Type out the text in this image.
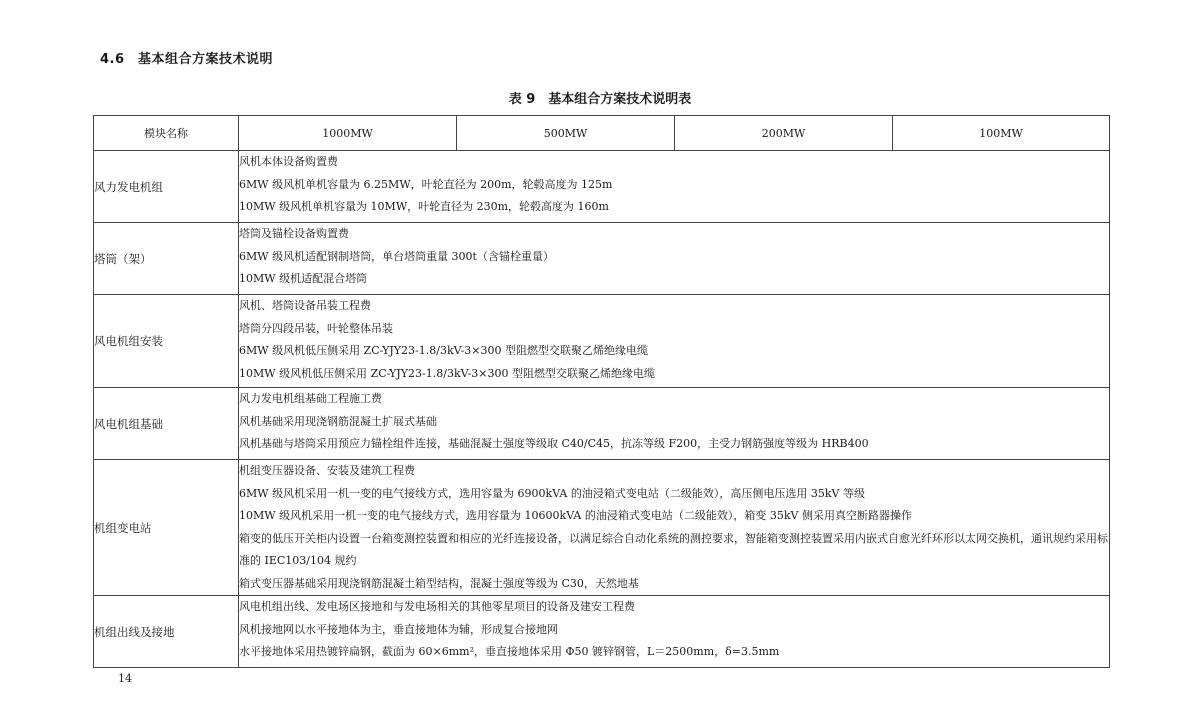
4.6　基本组合方案技术说明
表 9　基本组合方案技术说明表
模块名称	1000MW	500MW	200MW	100MW
风力发电机组	风机本体设备购置费
6MW 级风机单机容量为 6.25MW，叶轮直径为 200m，轮毂高度为 125m
10MW 级风机单机容量为 10MW，叶轮直径为 230m，轮毂高度为 160m			

塔筒（架）	塔筒及锚栓设备购置费
6MW 级风机适配钢制塔筒，单台塔筒重量 300t（含锚栓重量）
10MW 级机适配混合塔筒			

风电机组安装	风机、塔筒设备吊装工程费
塔筒分四段吊装，叶轮整体吊装
6MW 级风机低压侧采用 ZC-YJY23-1.8/3kV-3×300 型阻燃型交联聚乙烯绝缘电缆
10MW 级风机低压侧采用 ZC-YJY23-1.8/3kV-3×300 型阻燃型交联聚乙烯绝缘电缆			

风电机组基础	风力发电机组基础工程施工费
风机基础采用现浇钢筋混凝土扩展式基础
风机基础与塔筒采用预应力锚栓组件连接，基础混凝土强度等级取 C40/C45，抗冻等级 F200，主受力钢筋强度等级为 HRB400			

机组变电站	机组变压器设备、安装及建筑工程费
6MW 级风机采用一机一变的电气接线方式，选用容量为 6900kVA 的油浸箱式变电站（二级能效），高压侧电压选用 35kV 等级
10MW 级风机采用一机一变的电气接线方式，选用容量为 10600kVA 的油浸箱式变电站（二级能效），箱变 35kV 侧采用真空断路器操作
箱变的低压开关柜内设置一台箱变测控装置和相应的光纤连接设备，以满足综合自动化系统的测控要求，智能箱变测控装置采用内嵌式自愈光纤环形以太网交换机，通讯规约采用标准的 IEC103/104 规约
箱式变压器基础采用现浇钢筋混凝土箱型结构，混凝土强度等级为 C30，天然地基			

机组出线及接地	风电机组出线、发电场区接地和与发电场相关的其他零星项目的设备及建安工程费
风机接地网以水平接地体为主，垂直接地体为辅，形成复合接地网
水平接地体采用热镀锌扁钢，截面为 60×6mm²，垂直接地体采用 Φ50 镀锌钢管，L＝2500mm，δ=3.5mm			
14
